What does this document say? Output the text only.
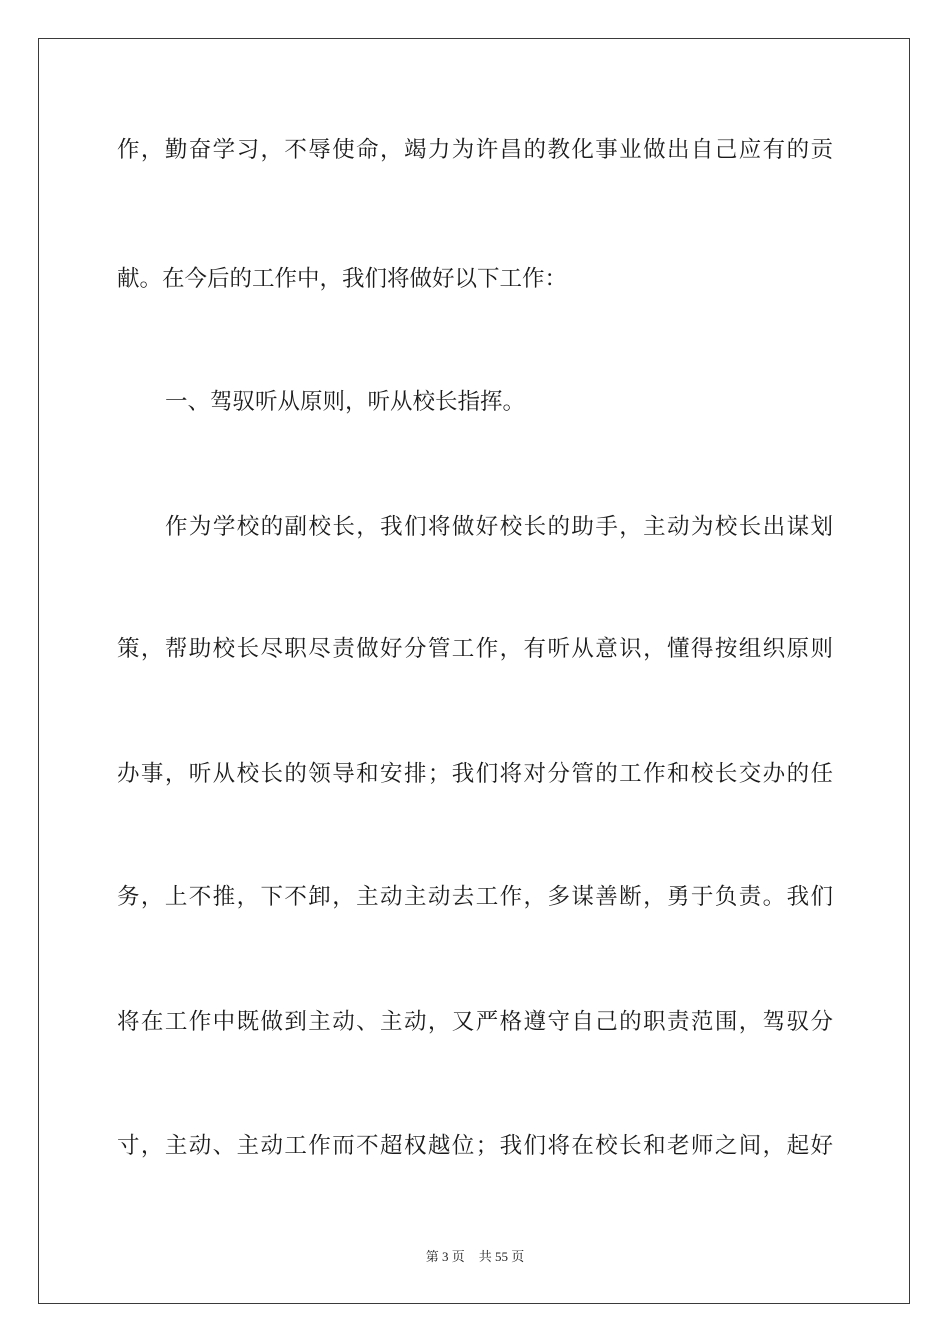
作，勤奋学习，不辱使命，竭力为许昌的教化事业做出自己应有的贡
献。在今后的工作中，我们将做好以下工作：
一、驾驭听从原则，听从校长指挥。
作为学校的副校长，我们将做好校长的助手，主动为校长出谋划
策，帮助校长尽职尽责做好分管工作，有听从意识，懂得按组织原则
办事，听从校长的领导和安排；我们将对分管的工作和校长交办的任
务，上不推，下不卸，主动主动去工作，多谋善断，勇于负责。我们
将在工作中既做到主动、主动，又严格遵守自己的职责范围，驾驭分
寸，主动、主动工作而不超权越位；我们将在校长和老师之间，起好
第 3 页 共 55 页
